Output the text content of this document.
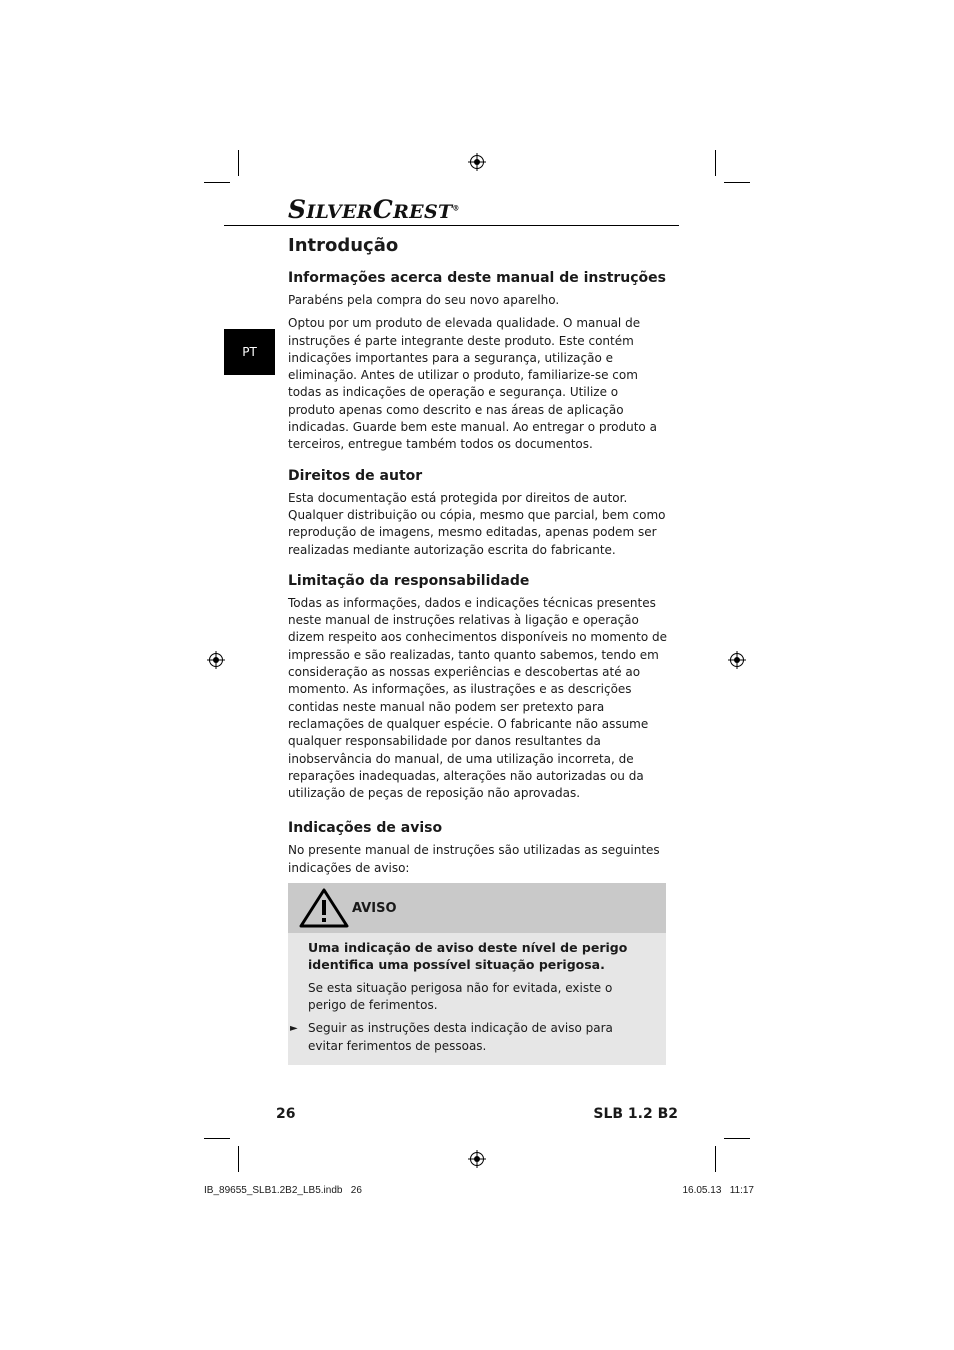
SILVERCREST®
PT
Introdução
Informações acerca deste manual de instruções

Parabéns pela compra do seu novo aparelho.

Optou por um produto de elevada qualidade. O manual de instruções é parte integrante deste produto. Este contém indicações importantes para a segurança, utilização e eliminação. Antes de utilizar o produto, familiarize-se com todas as indicações de operação e segurança. Utilize o produto apenas como descrito e nas áreas de aplicação indicadas. Guarde bem este manual. Ao entregar o produto a terceiros, entregue também todos os documentos.

Direitos de autor

Esta documentação está protegida por direitos de autor. Qualquer distribuição ou cópia, mesmo que parcial, bem como reprodução de imagens, mesmo editadas, apenas podem ser realizadas mediante autorização escrita do fabricante.

Limitação da responsabilidade

Todas as informações, dados e indicações técnicas presentes neste manual de instruções relativas à ligação e operação dizem respeito aos conhecimentos disponíveis no momento de impressão e são realizadas, tanto quanto sabemos, tendo em consideração as nossas experiências e descobertas até ao momento. As informações, as ilustrações e as descrições contidas neste manual não podem ser pretexto para reclamações de qualquer espécie. O fabricante não assume qualquer responsabilidade por danos resultantes da inobservância do manual, de uma utilização incorreta, de reparações inadequadas, alterações não autorizadas ou da utilização de peças de reposição não aprovadas.

Indicações de aviso

No presente manual de instruções são utilizadas as seguintes indicações de aviso:

AVISO

Uma indicação de aviso deste nível de perigo identifica uma possível situação perigosa.

Se esta situação perigosa não for evitada, existe o perigo de ferimentos.

► Seguir as instruções desta indicação de aviso para evitar ferimentos de pessoas.

26	SLB 1.2 B2
IB_89655_SLB1.2B2_LB5.indb   26	16.05.13   11:17
